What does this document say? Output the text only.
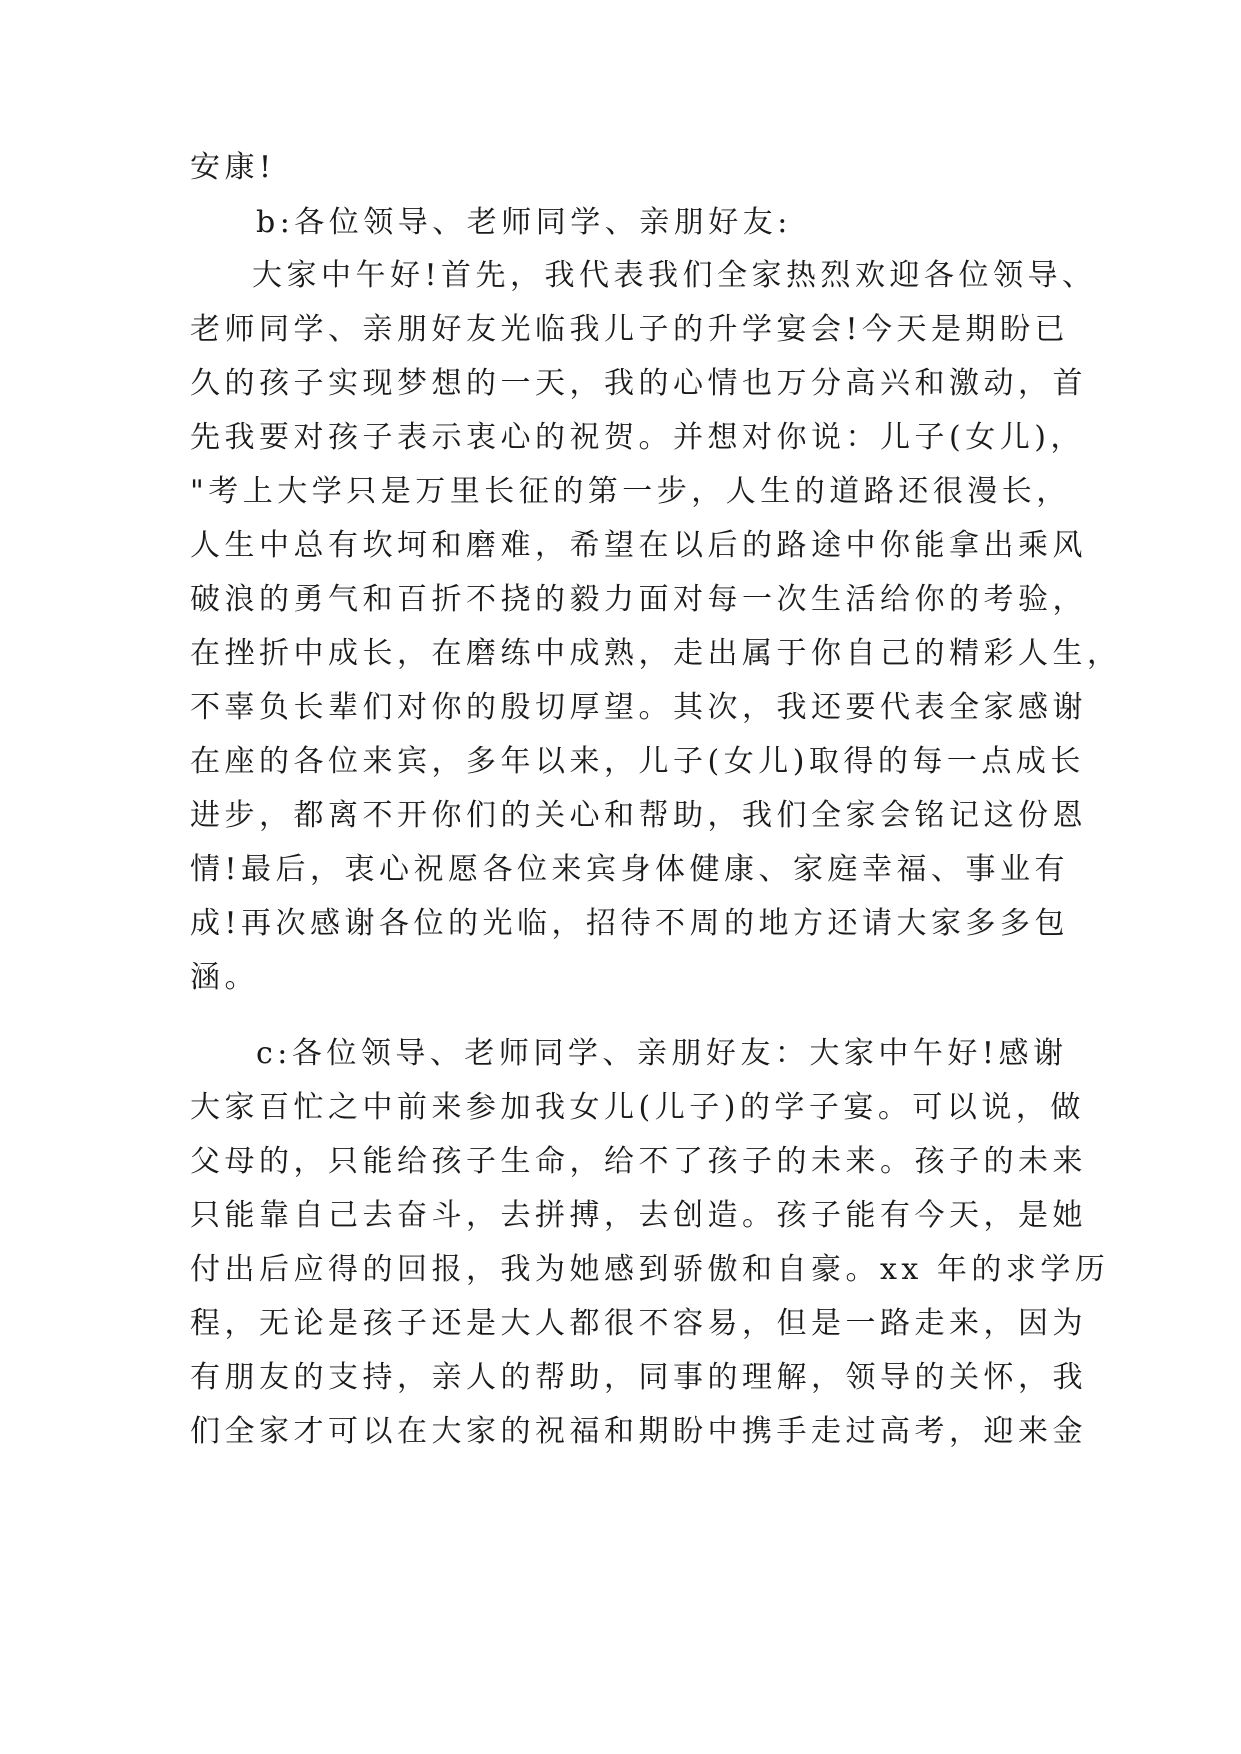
安康!

b:各位领导、老师同学、亲朋好友:

大家中午好!首先，我代表我们全家热烈欢迎各位领导、

老师同学、亲朋好友光临我儿子的升学宴会!今天是期盼已

久的孩子实现梦想的一天，我的心情也万分高兴和激动，首

先我要对孩子表示衷心的祝贺。并想对你说：儿子(女儿)，

"考上大学只是万里长征的第一步，人生的道路还很漫长，

人生中总有坎坷和磨难，希望在以后的路途中你能拿出乘风

破浪的勇气和百折不挠的毅力面对每一次生活给你的考验，

在挫折中成长，在磨练中成熟，走出属于你自己的精彩人生，

不辜负长辈们对你的殷切厚望。其次，我还要代表全家感谢

在座的各位来宾，多年以来，儿子(女儿)取得的每一点成长

进步，都离不开你们的关心和帮助，我们全家会铭记这份恩

情!最后，衷心祝愿各位来宾身体健康、家庭幸福、事业有

成!再次感谢各位的光临，招待不周的地方还请大家多多包

涵。

c:各位领导、老师同学、亲朋好友：大家中午好!感谢

大家百忙之中前来参加我女儿(儿子)的学子宴。可以说，做

父母的，只能给孩子生命，给不了孩子的未来。孩子的未来

只能靠自己去奋斗，去拼搏，去创造。孩子能有今天，是她

付出后应得的回报，我为她感到骄傲和自豪。xx 年的求学历

程，无论是孩子还是大人都很不容易，但是一路走来，因为

有朋友的支持，亲人的帮助，同事的理解，领导的关怀，我

们全家才可以在大家的祝福和期盼中携手走过高考，迎来金
